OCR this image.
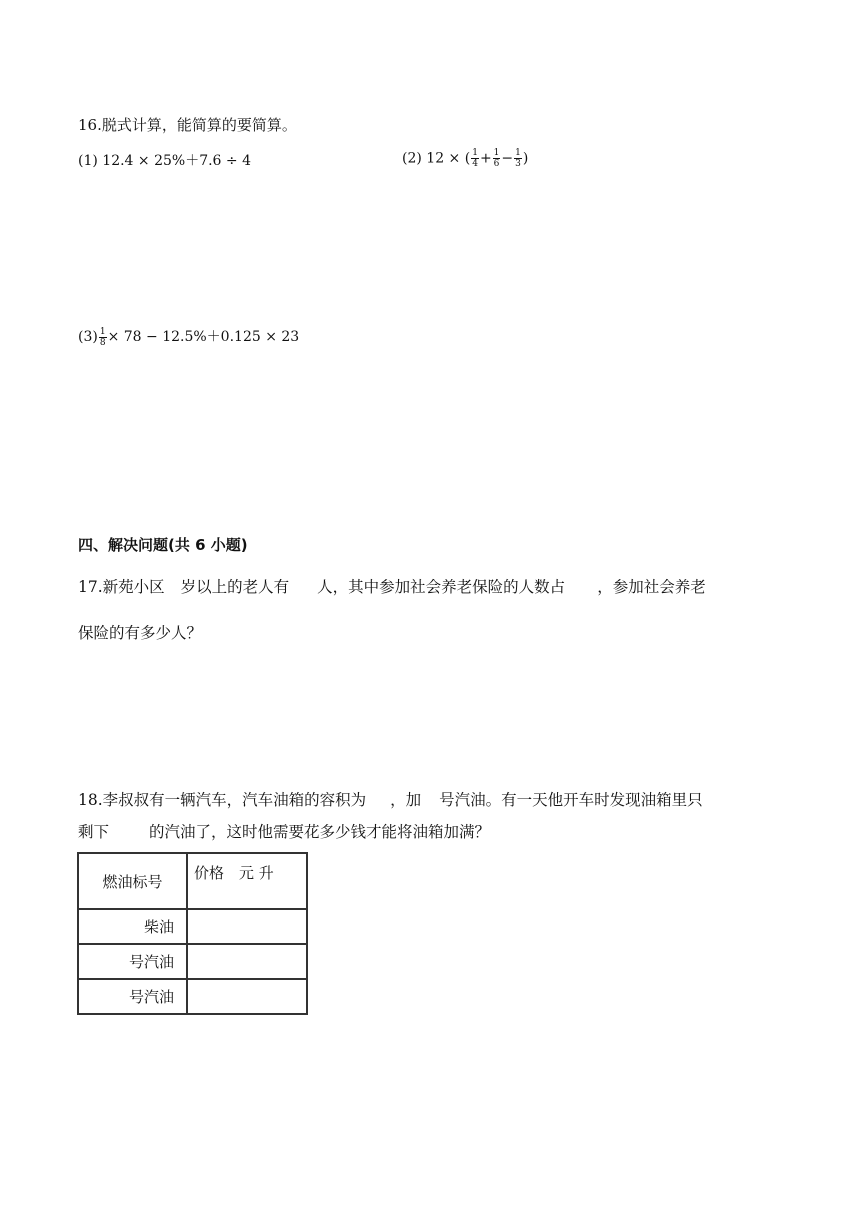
16.脱式计算，能简算的要简算。
(1) 12.4 × 25%＋7.6 ÷ 4	(2) 12 × ( $\frac{1}{4} + \frac{1}{6} - \frac{1}{3}$ )
$(3) \frac{1}{8} \times 78 - 12.5\%+0.125 \times 23$
四、解决问题(共 6 小题)
17.新苑小区 岁以上的老人有 人，其中参加社会养老保险的人数占 ，参加社会养老
保险的有多少人？
18.李叔叔有一辆汽车，汽车油箱的容积为 ，加 号汽油。有一天他开车时发现油箱里只
剩下	的汽油了，这时他需要花多少钱才能将油箱加满？
燃油标号	价格　元 升
柴油	
号汽油	
号汽油	
